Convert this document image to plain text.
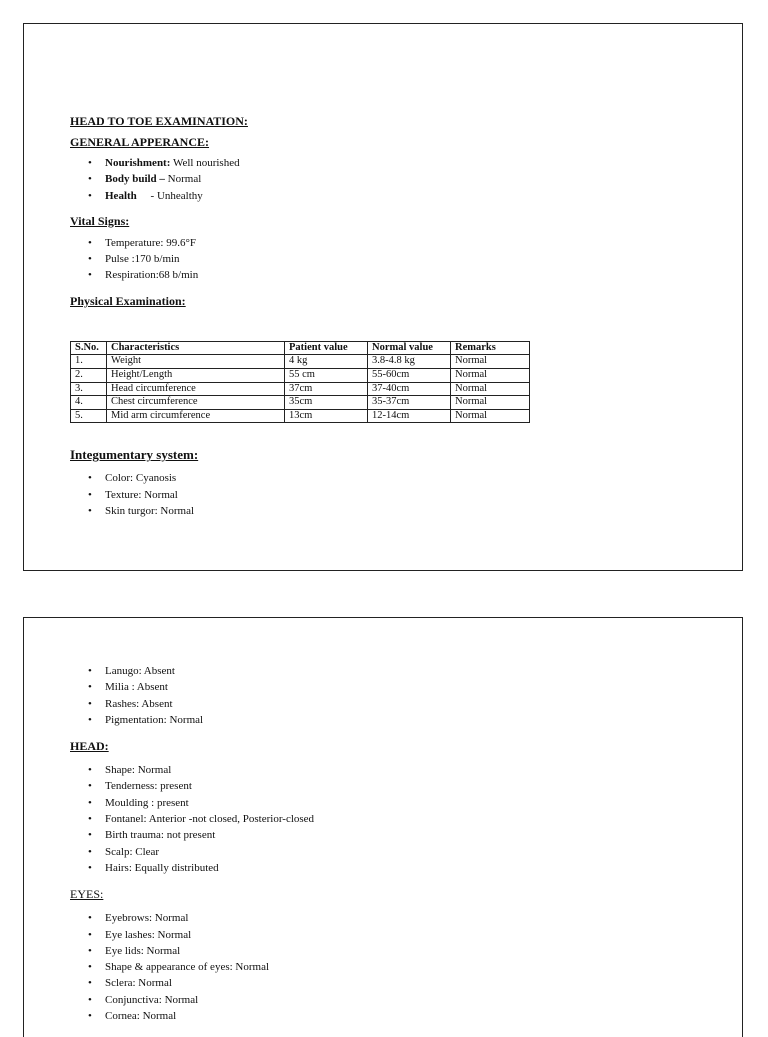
HEAD TO TOE EXAMINATION:

GENERAL APPERANCE:

• Nourishment: Well nourished
• Body build – Normal
• Health     - Unhealthy

Vital Signs:

• Temperature: 99.6°F
• Pulse :170 b/min
• Respiration:68 b/min

Physical Examination:

S.No.	Characteristics	Patient value	Normal value	Remarks
1.	Weight	4 kg	3.8-4.8 kg	Normal
2.	Height/Length	55 cm	55-60cm	Normal
3.	Head circumference	37cm	37-40cm	Normal
4.	Chest circumference	35cm	35-37cm	Normal
5.	Mid arm circumference	13cm	12-14cm	Normal

Integumentary system:

• Color: Cyanosis
• Texture: Normal
• Skin turgor: Normal
• Lanugo: Absent
• Milia : Absent
• Rashes: Absent
• Pigmentation: Normal

HEAD:

• Shape: Normal
• Tenderness: present
• Moulding : present
• Fontanel: Anterior -not closed, Posterior-closed
• Birth trauma: not present
• Scalp: Clear
• Hairs: Equally distributed

EYES:

• Eyebrows: Normal
• Eye lashes: Normal
• Eye lids: Normal
• Shape & appearance of eyes: Normal
• Sclera: Normal
• Conjunctiva: Normal
• Cornea: Normal
